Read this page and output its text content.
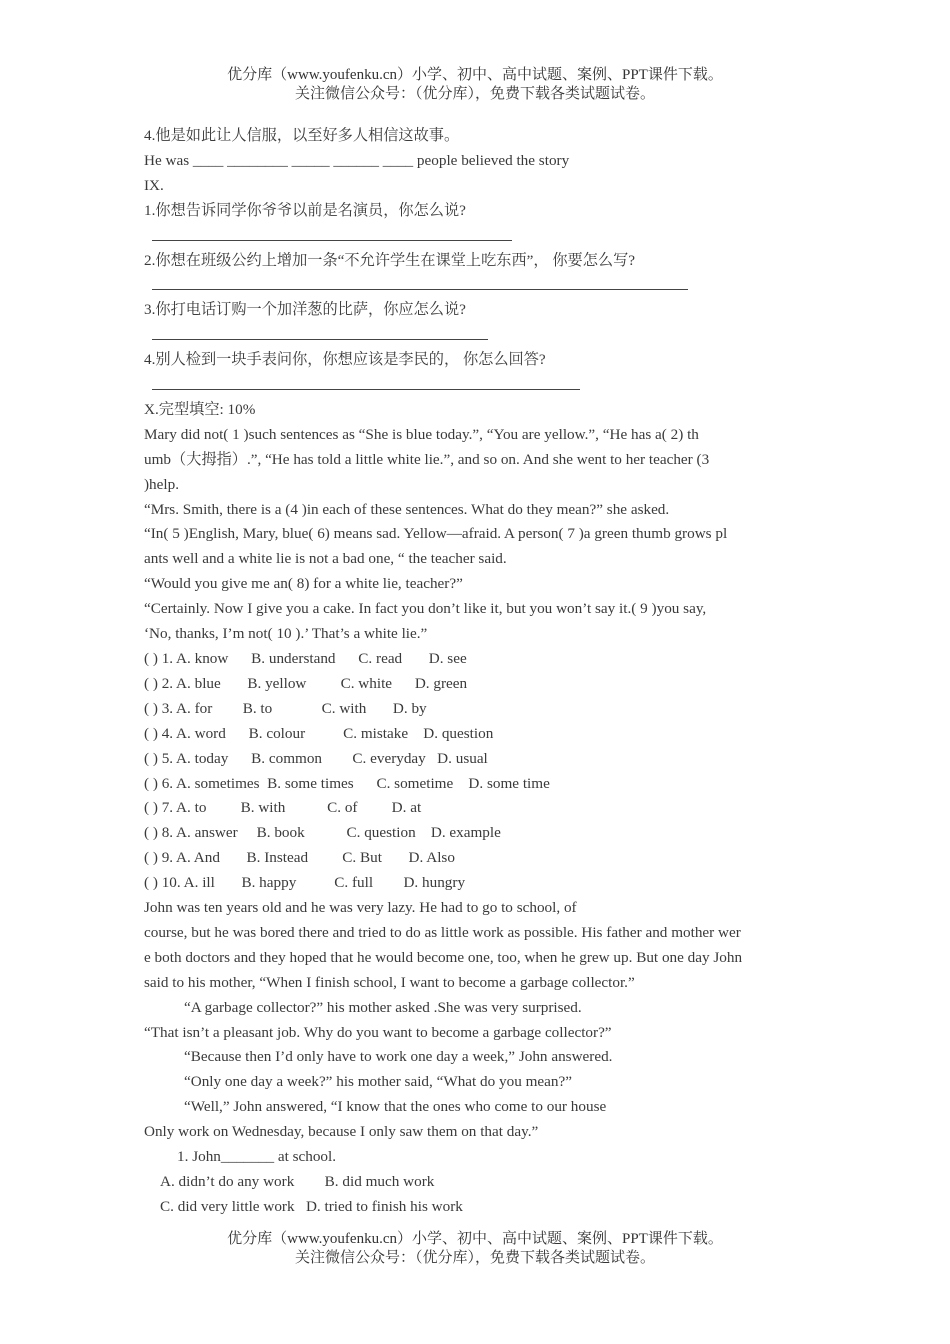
优分库（www.youfenku.cn）小学、初中、高中试题、案例、PPT课件下载。
关注微信公众号：（优分库），免费下载各类试题试卷。
4.他是如此让人信服，以至好多人相信这故事。
He was ____ ________ _____ ______ ____ people believed the story
IX.
1.你想告诉同学你爷爷以前是名演员，你怎么说?
2.你想在班级公约上增加一条“不允许学生在课堂上吃东西”， 你要怎么写?
3.你打电话订购一个加洋葱的比萨，你应怎么说?
4.别人检到一块手表问你，你想应该是李民的， 你怎么回答?
X.完型填空: 10%
Mary did not( 1 )such sentences as “She is blue today.”, “You are yellow.”, “He has a( 2) th
umb（大拇指）.”, “He has told a little white lie.”, and so on. And she went to her teacher (3
)help.
“Mrs. Smith, there is a (4 )in each of these sentences. What do they mean?” she asked.
“In( 5 )English, Mary, blue( 6) means sad. Yellow—afraid. A person( 7 )a green thumb grows pl
ants well and a white lie is not a bad one, “ the teacher said.
“Would you give me an( 8) for a white lie, teacher?”
“Certainly. Now I give you a cake. In fact you don’t like it, but you won’t say it.( 9 )you say,
‘No, thanks, I’m not( 10 ).’ That’s a white lie.”
( ) 1. A. know      B. understand      C. read       D. see
( ) 2. A. blue       B. yellow         C. white      D. green
( ) 3. A. for        B. to             C. with       D. by
( ) 4. A. word      B. colour          C. mistake    D. question
( ) 5. A. today      B. common        C. everyday   D. usual
( ) 6. A. sometimes  B. some times      C. sometime    D. some time
( ) 7. A. to         B. with           C. of         D. at
( ) 8. A. answer     B. book           C. question    D. example
( ) 9. A. And       B. Instead         C. But       D. Also
( ) 10. A. ill       B. happy          C. full        D. hungry
John was ten years old and he was very lazy. He had to go to school, of
course, but he was bored there and tried to do as little work as possible. His father and mother wer
e both doctors and they hoped that he would become one, too, when he grew up. But one day John
said to his mother, “When I finish school, I want to become a garbage collector.”
“A garbage collector?” his mother asked .She was very surprised.
“That isn’t a pleasant job. Why do you want to become a garbage collector?”
“Because then I’d only have to work one day a week,” John answered.
“Only one day a week?” his mother said, “What do you mean?”
“Well,” John answered, “I know that the ones who come to our house
Only work on Wednesday, because I only saw them on that day.”
1. John_______ at school.
A. didn’t do any work        B. did much work
C. did very little work   D. tried to finish his work
优分库（www.youfenku.cn）小学、初中、高中试题、案例、PPT课件下载。
关注微信公众号：（优分库），免费下载各类试题试卷。
